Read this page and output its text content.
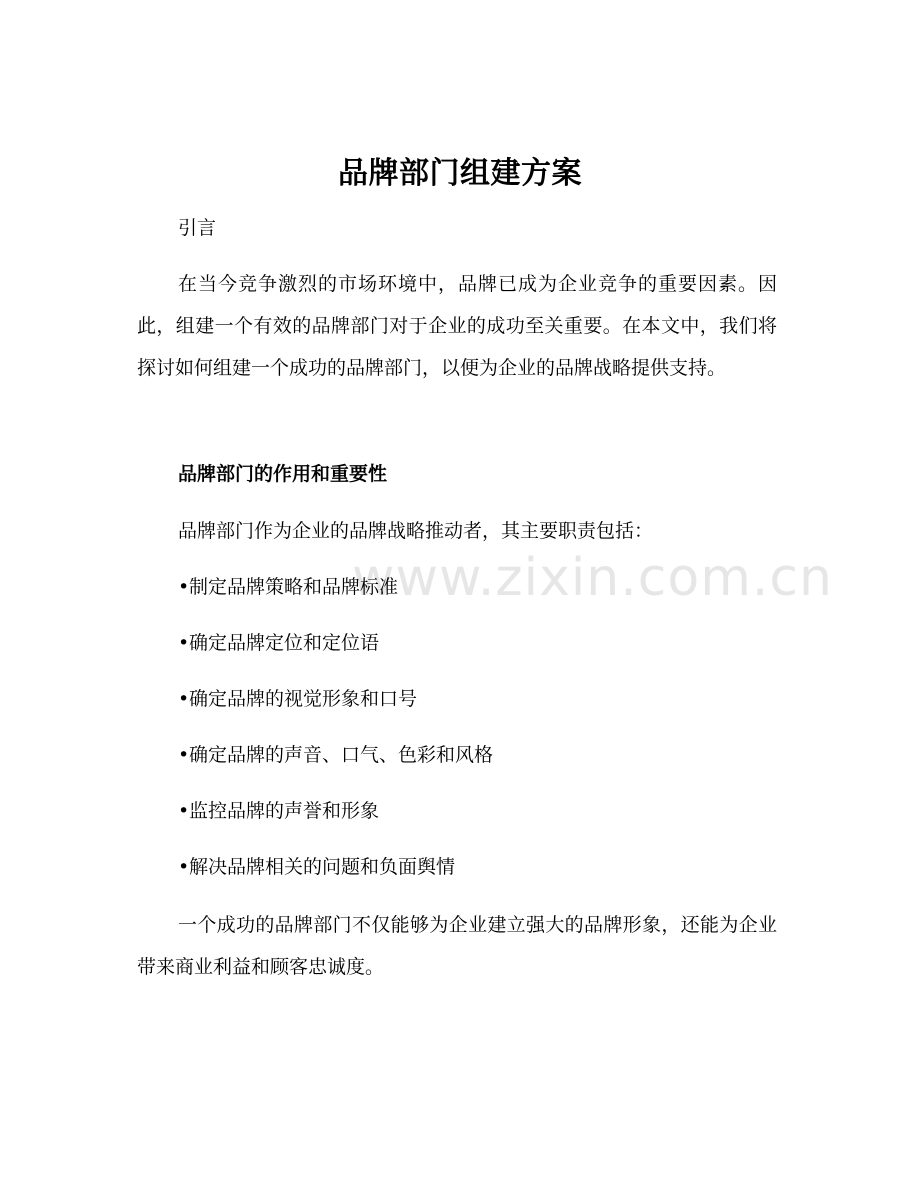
www.zixin.com.cn
品牌部门组建方案
引言
在当今竞争激烈的市场环境中，品牌已成为企业竞争的重要因素。因此，组建一个有效的品牌部门对于企业的成功至关重要。在本文中，我们将探讨如何组建一个成功的品牌部门，以便为企业的品牌战略提供支持。
品牌部门的作用和重要性
品牌部门作为企业的品牌战略推动者，其主要职责包括：
•制定品牌策略和品牌标准
•确定品牌定位和定位语
•确定品牌的视觉形象和口号
•确定品牌的声音、口气、色彩和风格
•监控品牌的声誉和形象
•解决品牌相关的问题和负面舆情
一个成功的品牌部门不仅能够为企业建立强大的品牌形象，还能为企业带来商业利益和顾客忠诚度。
